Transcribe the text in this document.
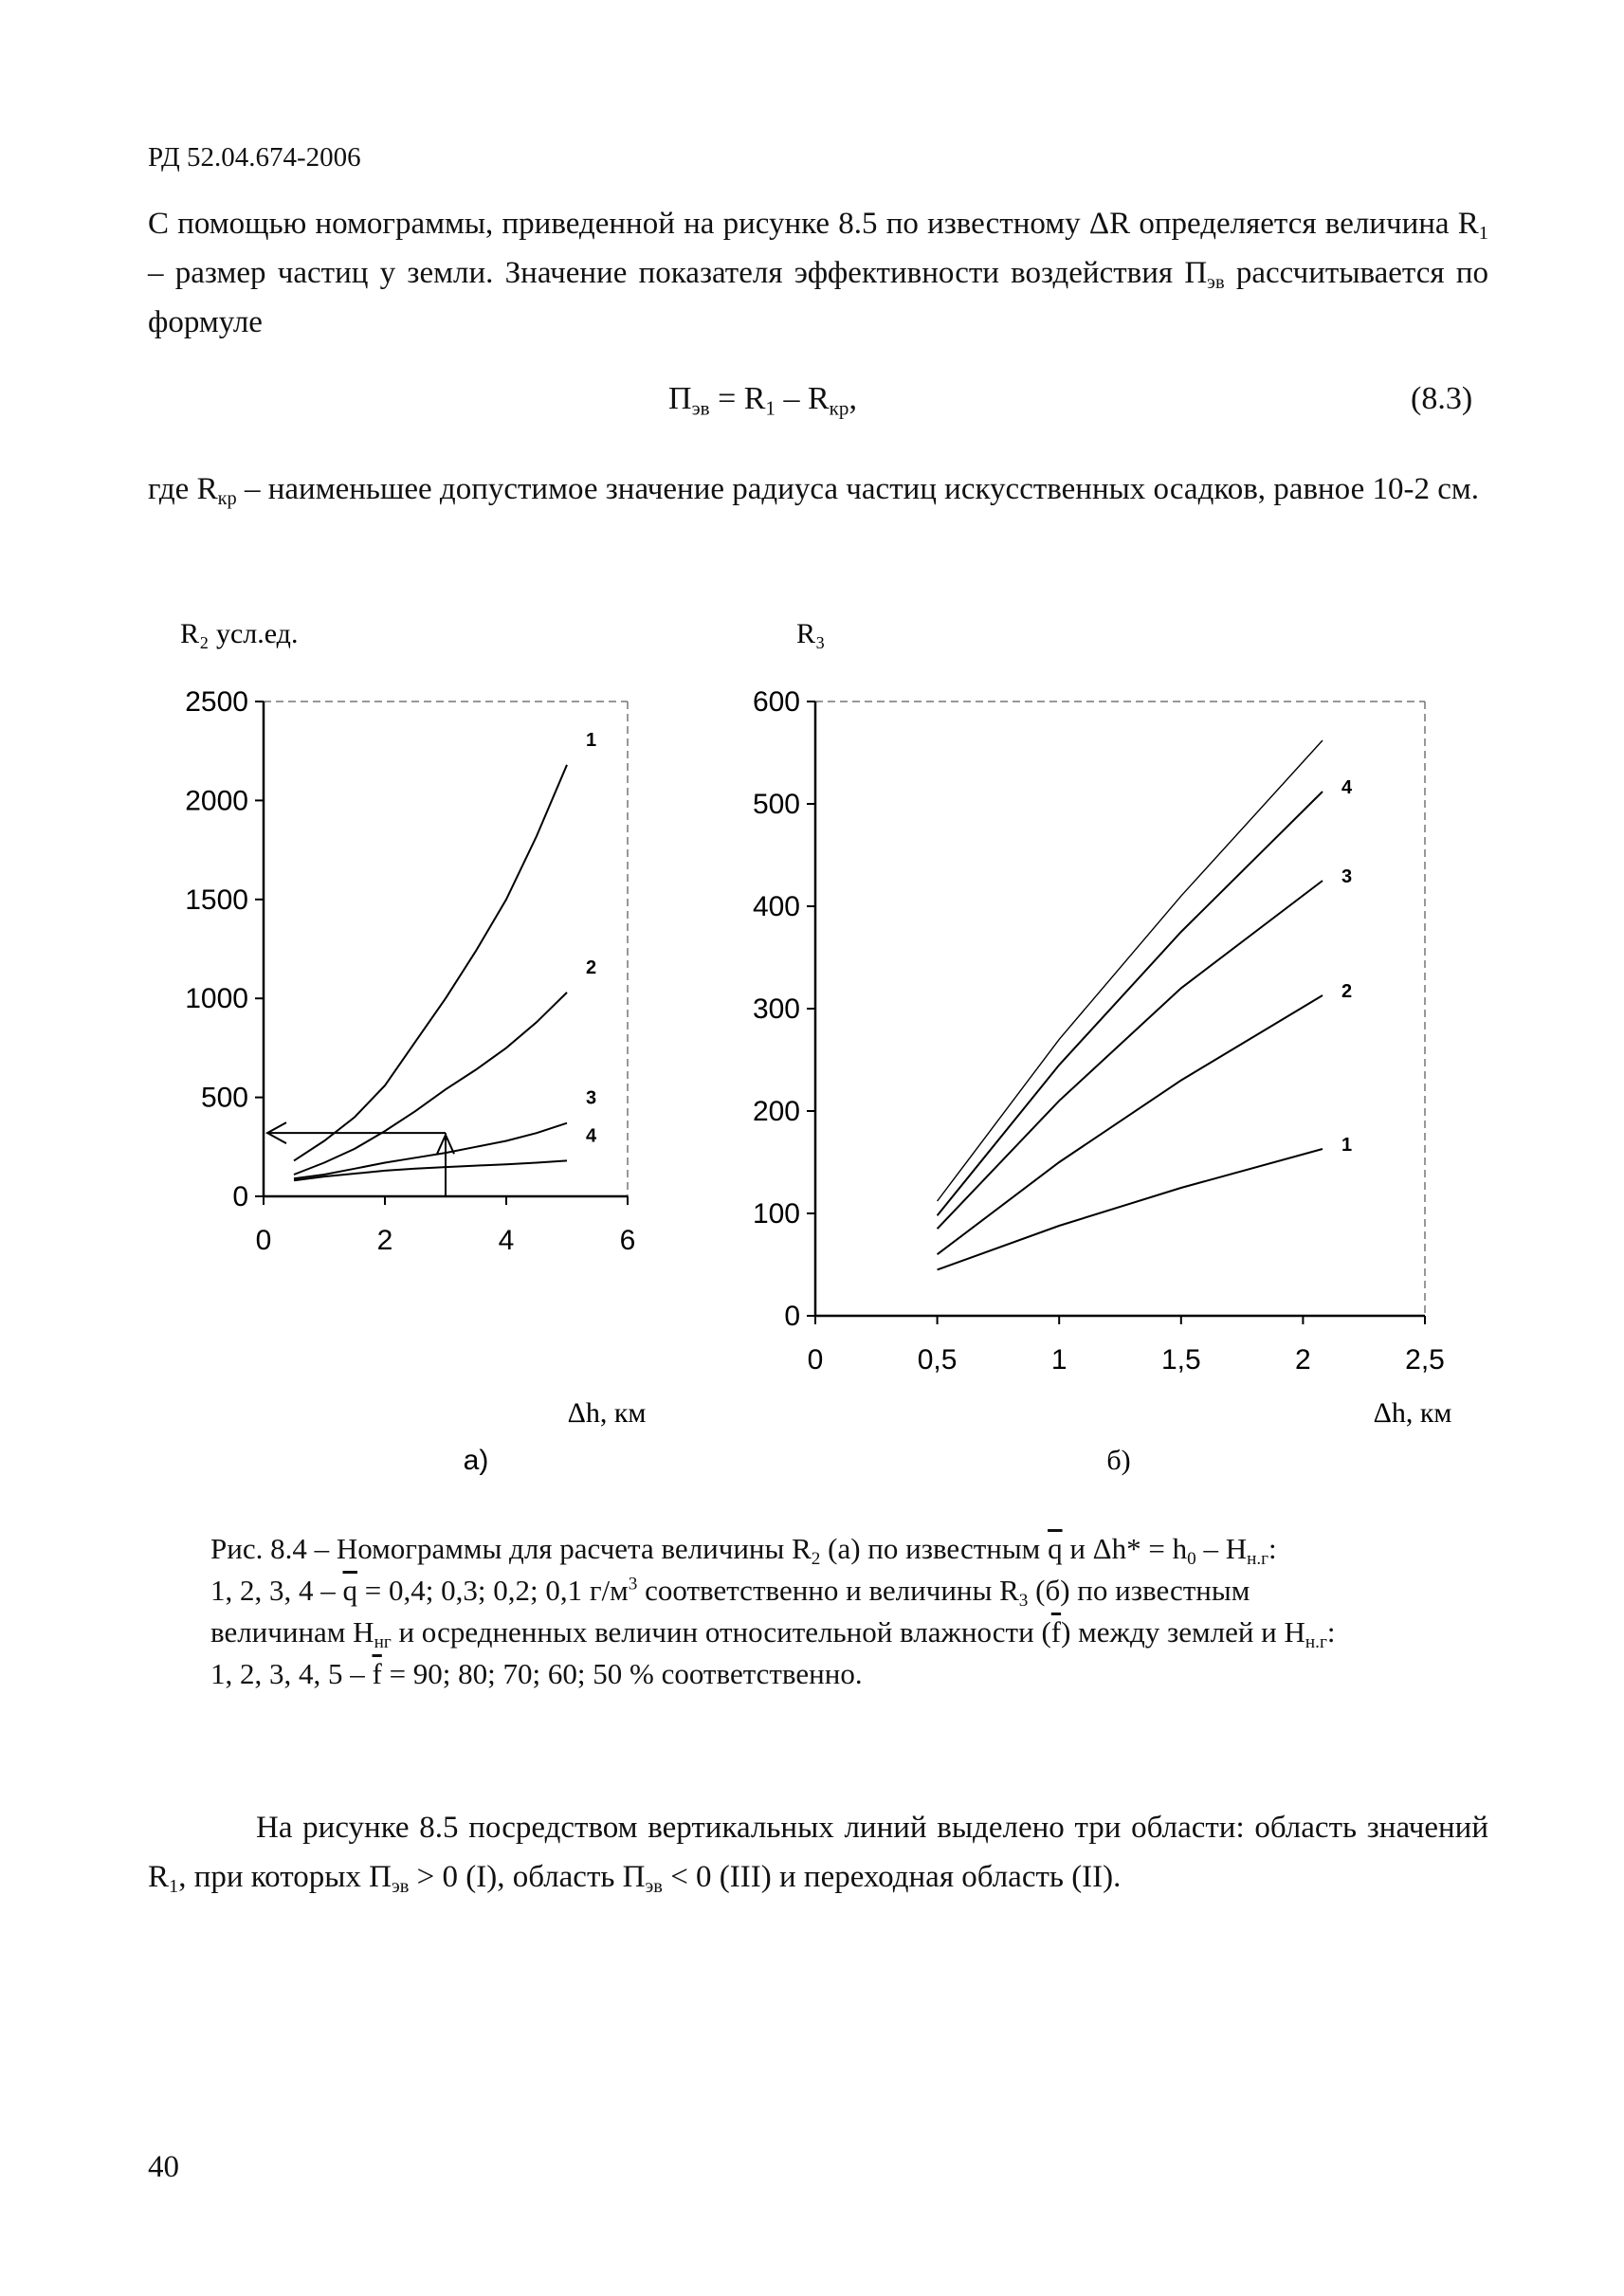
РД 52.04.674-2006
С помощью номограммы, приведенной на рисунке 8.5 по известному ΔR определяется величина $R_1$ – размер частиц у земли. Значение показателя эффективности воздействия $П_{эв}$ рассчитывается по формуле
$П_{эв} = R_1 - R_{кр}$,	(8.3)
где $R_{кр}$ – наименьшее допустимое значение радиуса частиц искусственных осадков, равное 10-2 см.
R₂ усл.ед.
0
500
1000
1500
2000
2500
0	2	4	6
1
2
3
4
Δh, км
а)
R₃
0
100
200
300
400
500
600
0	0,5	1	1,5	2	2,5
1
2
3
4
Δh, км
б)
Рис. 8.4 – Номограммы для расчета величины $R_2$ (а) по известным $\overline{q}$ и $\Delta h* = h_0 - H_{н.г}$:
1, 2, 3, $4 - \overline{q} = 0,4$; 0,3; 0,2; 0,1 $г/м^3$ соответственно и величины $R_3$ (б) по известным
величинам $H_{нг}$ и осредненных величин относительной влажности $(\overline{f})$ между землей и $H_{н.г}$:
1, 2, 3, 4, $5 - \overline{f} = 90$; 80; 70; 60; 50 % соответственно.
На рисунке 8.5 посредством вертикальных линий выделено три области: область значений $R_1$, при которых $П_{эв} > 0$ (I), область $П_{эв} < 0$ (III) и переходная область (II).
40
